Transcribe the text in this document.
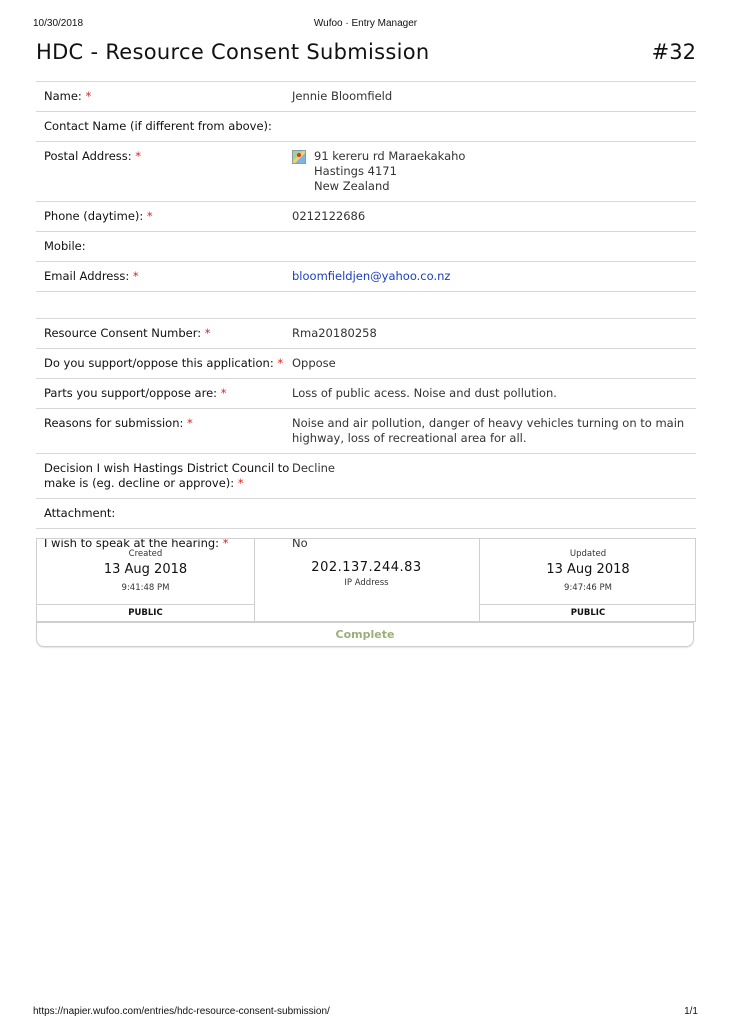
10/30/2018	Wufoo · Entry Manager
HDC - Resource Consent Submission	#32
Name: *	Jennie Bloomfield
Contact Name (if different from above):
Postal Address: *	91 kereru rd Maraekakaho
Hastings 4171
New Zealand
Phone (daytime): *	0212122686
Mobile:
Email Address: *	bloomfieldjen@yahoo.co.nz
Resource Consent Number: *	Rma20180258
Do you support/oppose this application: * Oppose
Parts you support/oppose are: *	Loss of public acess. Noise and dust pollution.
Reasons for submission: *	Noise and air pollution, danger of heavy vehicles turning on to main highway, loss of recreational area for all.
Decision I wish Hastings District Council to make is (eg. decline or approve): *
Decline
Attachment:
I wish to speak at the hearing: *	No
Created
13 Aug 2018
9:41:48 PM
PUBLIC
202.137.244.83
IP Address
Updated
13 Aug 2018
9:47:46 PM
PUBLIC
Complete
https://napier.wufoo.com/entries/hdc-resource-consent-submission/	1/1
